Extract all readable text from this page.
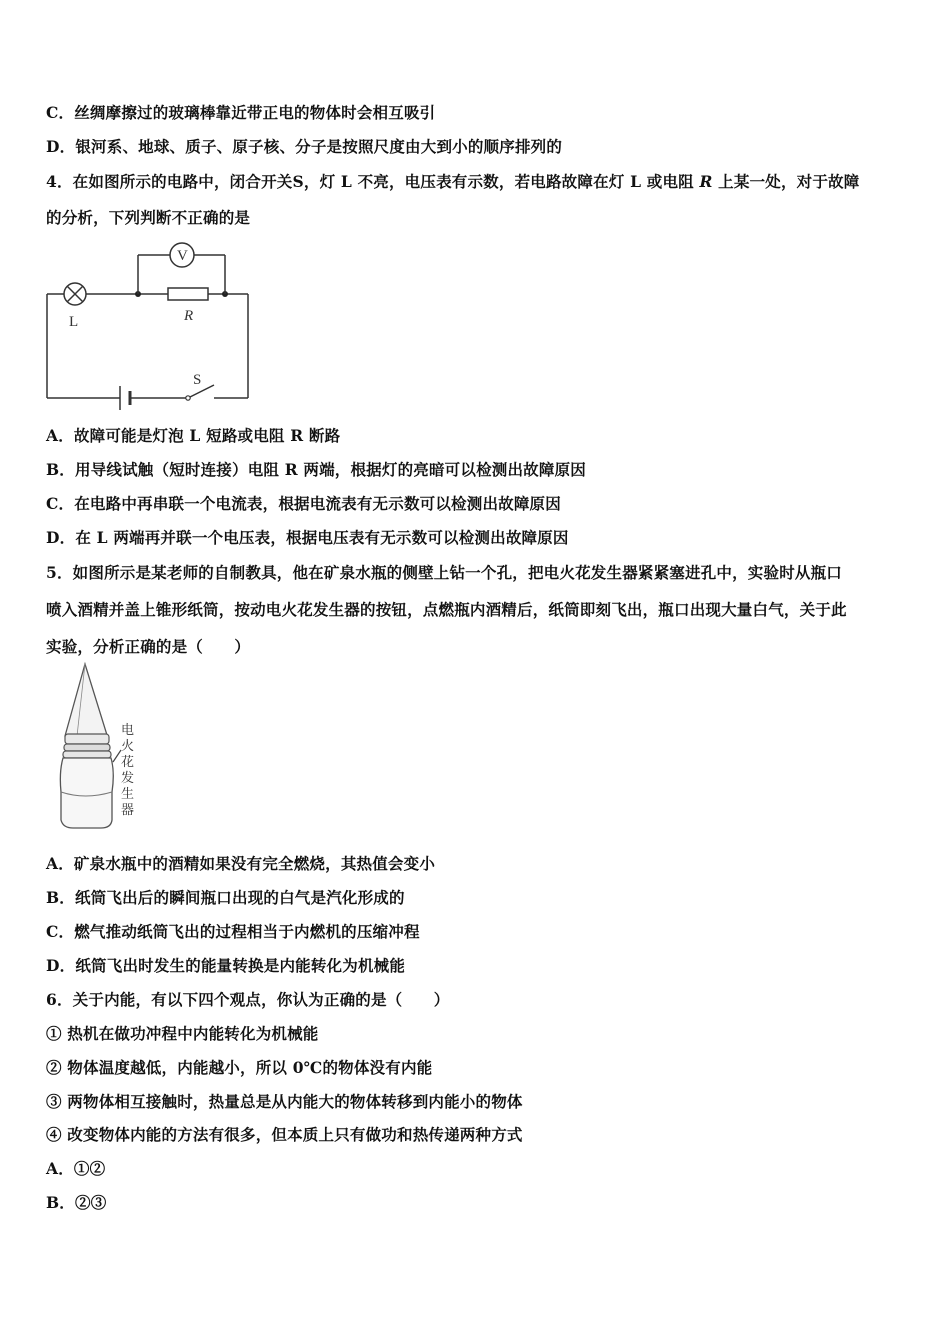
C．丝绸摩擦过的玻璃棒靠近带正电的物体时会相互吸引
D．银河系、地球、质子、原子核、分子是按照尺度由大到小的顺序排列的
4．在如图所示的电路中，闭合开关S，灯 L 不亮，电压表有示数，若电路故障在灯 L 或电阻 R 上某一处，对于故障
的分析，下列判断不正确的是
L	R
V
S
A．故障可能是灯泡 L 短路或电阻 R 断路
B．用导线试触（短时连接）电阻 R 两端，根据灯的亮暗可以检测出故障原因
C．在电路中再串联一个电流表，根据电流表有无示数可以检测出故障原因
D．在 L 两端再并联一个电压表，根据电压表有无示数可以检测出故障原因
5．如图所示是某老师的自制教具，他在矿泉水瓶的侧壁上钻一个孔，把电火花发生器紧紧塞进孔中，实验时从瓶口
喷入酒精并盖上锥形纸筒，按动电火花发生器的按钮，点燃瓶内酒精后，纸筒即刻飞出，瓶口出现大量白气，关于此
实验，分析正确的是（　　）
电
火
花
发
生
器
A．矿泉水瓶中的酒精如果没有完全燃烧，其热值会变小
B．纸筒飞出后的瞬间瓶口出现的白气是汽化形成的
C．燃气推动纸筒飞出的过程相当于内燃机的压缩冲程
D．纸筒飞出时发生的能量转换是内能转化为机械能
6．关于内能，有以下四个观点，你认为正确的是（　　）
① 热机在做功冲程中内能转化为机械能
② 物体温度越低，内能越小，所以 0℃的物体没有内能
③ 两物体相互接触时，热量总是从内能大的物体转移到内能小的物体
④ 改变物体内能的方法有很多，但本质上只有做功和热传递两种方式
A．①②
B．②③
